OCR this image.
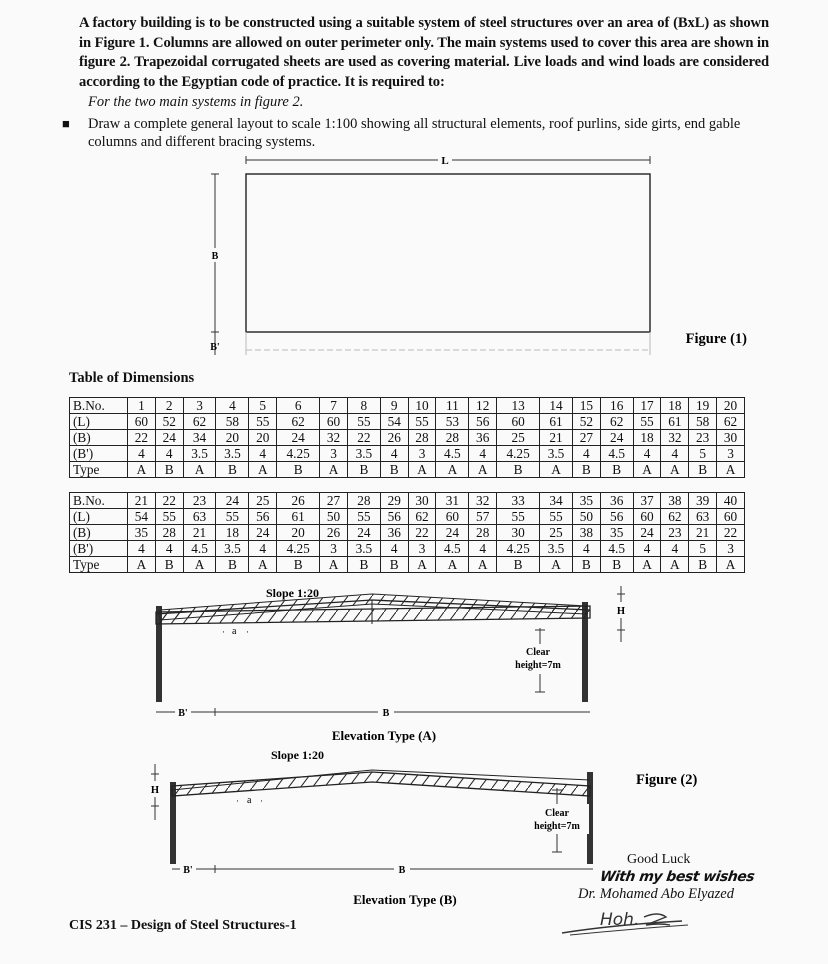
A factory building is to be constructed using a suitable system of steel structures over an area of (BxL) as shown in Figure 1. Columns are allowed on outer perimeter only. The main systems used to cover this area are shown in figure 2. Trapezoidal corrugated sheets are used as covering material. Live loads and wind loads are considered according to the Egyptian code of practice. It is required to:
For the two main systems in figure 2.
■ Draw a complete general layout to scale 1:100 showing all structural elements, roof purlins, side girts, end gable columns and different bracing systems.
L
B
B'
Figure (1)
Table of Dimensions
B.No.	1	2	3	4	5	6	7	8	9	10	11	12	13	14	15	16	17	18	19	20
(L)	60	52	62	58	55	62	60	55	54	55	53	56	60	61	52	62	55	61	58	62
(B)	22	24	34	20	20	24	32	22	26	28	28	36	25	21	27	24	18	32	23	30
(B')	4	4	3.5	3.5	4	4.25	3	3.5	4	3	4.5	4	4.25	3.5	4	4.5	4	4	5	3
Type	A	B	A	B	A	B	A	B	B	A	A	A	B	A	B	B	A	A	B	A
B.No.	21	22	23	24	25	26	27	28	29	30	31	32	33	34	35	36	37	38	39	40
(L)	54	55	63	55	56	61	50	55	56	62	60	57	55	55	50	56	60	62	63	60
(B)	35	28	21	18	24	20	26	24	36	22	24	28	30	25	38	35	24	23	21	22
(B')	4	4	4.5	3.5	4	4.25	3	3.5	4	3	4.5	4	4.25	3.5	4	4.5	4	4	5	3
Type	A	B	A	B	A	B	A	B	B	A	A	A	B	A	B	B	A	A	B	A
Slope 1:20
· a ·
H
Clear
height=7m
B'	B
Elevation Type (A)
Slope 1:20
· a ·
H
Clear
height=7m
B'	B
Elevation Type (B)
Figure (2)
Good Luck
With my best wishes
Dr. Mohamed Abo Elyazed
Hoh.
CIS 231 – Design of Steel Structures-1
